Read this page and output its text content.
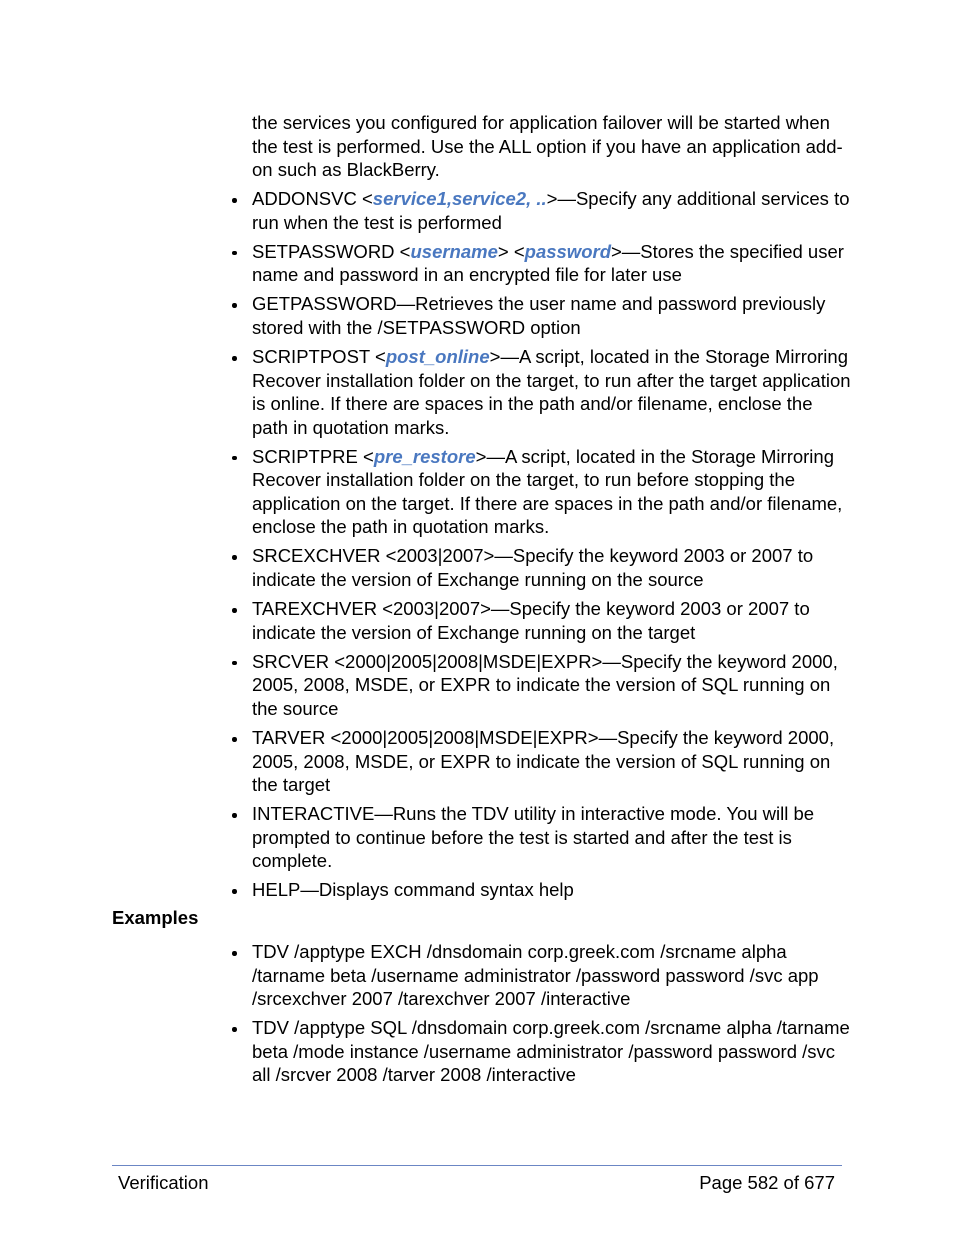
the services you configured for application failover will be started when the test is performed. Use the ALL option if you have an application add-on such as BlackBerry.
ADDONSVC <service1,service2, ..>—Specify any additional services to run when the test is performed
SETPASSWORD <username> <password>—Stores the specified user name and password in an encrypted file for later use
GETPASSWORD—Retrieves the user name and password previously stored with the /SETPASSWORD option
SCRIPTPOST <post_online>—A script, located in the Storage Mirroring Recover installation folder on the target, to run after the target application is online. If there are spaces in the path and/or filename, enclose the path in quotation marks.
SCRIPTPRE <pre_restore>—A script, located in the Storage Mirroring Recover installation folder on the target, to run before stopping the application on the target. If there are spaces in the path and/or filename, enclose the path in quotation marks.
SRCEXCHVER <2003|2007>—Specify the keyword 2003 or 2007 to indicate the version of Exchange running on the source
TAREXCHVER <2003|2007>—Specify the keyword 2003 or 2007 to indicate the version of Exchange running on the target
SRCVER <2000|2005|2008|MSDE|EXPR>—Specify the keyword 2000, 2005, 2008, MSDE, or EXPR to indicate the version of SQL running on the source
TARVER <2000|2005|2008|MSDE|EXPR>—Specify the keyword 2000, 2005, 2008, MSDE, or EXPR to indicate the version of SQL running on the target
INTERACTIVE—Runs the TDV utility in interactive mode. You will be prompted to continue before the test is started and after the test is complete.
HELP—Displays command syntax help
Examples
TDV /apptype EXCH /dnsdomain corp.greek.com /srcname alpha /tarname beta /username administrator /password password /svc app /srcexchver 2007 /tarexchver 2007 /interactive
TDV /apptype SQL /dnsdomain corp.greek.com /srcname alpha /tarname beta /mode instance /username administrator /password password /svc all /srcver 2008 /tarver 2008 /interactive
Verification	Page 582 of 677
